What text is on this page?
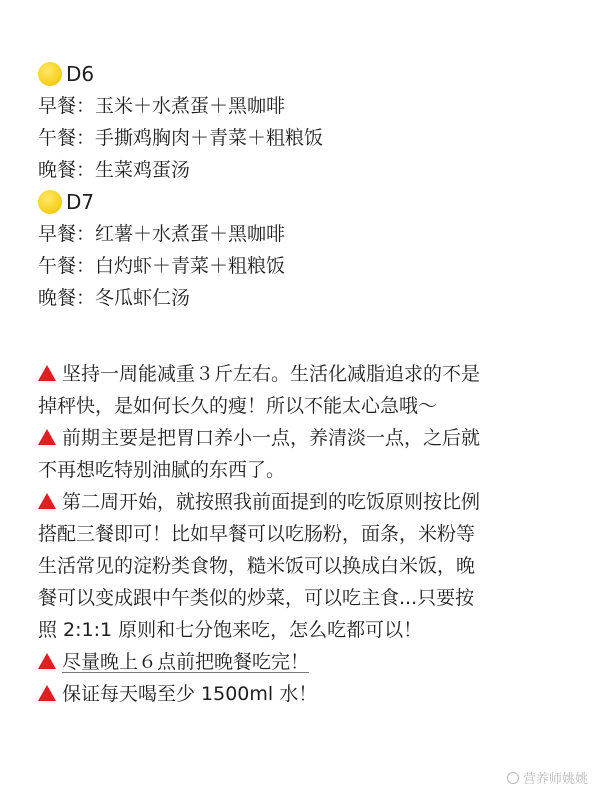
D6
早餐：玉米＋水煮蛋＋黑咖啡
午餐：手撕鸡胸肉＋青菜＋粗粮饭
晚餐：生菜鸡蛋汤
D7
早餐：红薯＋水煮蛋＋黑咖啡
午餐：白灼虾＋青菜＋粗粮饭
晚餐：冬瓜虾仁汤

坚持一周能减重３斤左右。生活化减脂追求的不是
掉秤快，是如何长久的瘦！所以不能太心急哦～

前期主要是把胃口养小一点，养清淡一点，之后就
不再想吃特别油腻的东西了。

第二周开始，就按照我前面提到的吃饭原则按比例
搭配三餐即可！比如早餐可以吃肠粉，面条，米粉等
生活常见的淀粉类食物，糙米饭可以换成白米饭，晚
餐可以变成跟中午类似的炒菜，可以吃主食...只要按
照 2:1:1 原则和七分饱来吃，怎么吃都可以！

尽量晚上６点前把晚餐吃完！

保证每天喝至少 1500ml 水！

营养师姚姚
